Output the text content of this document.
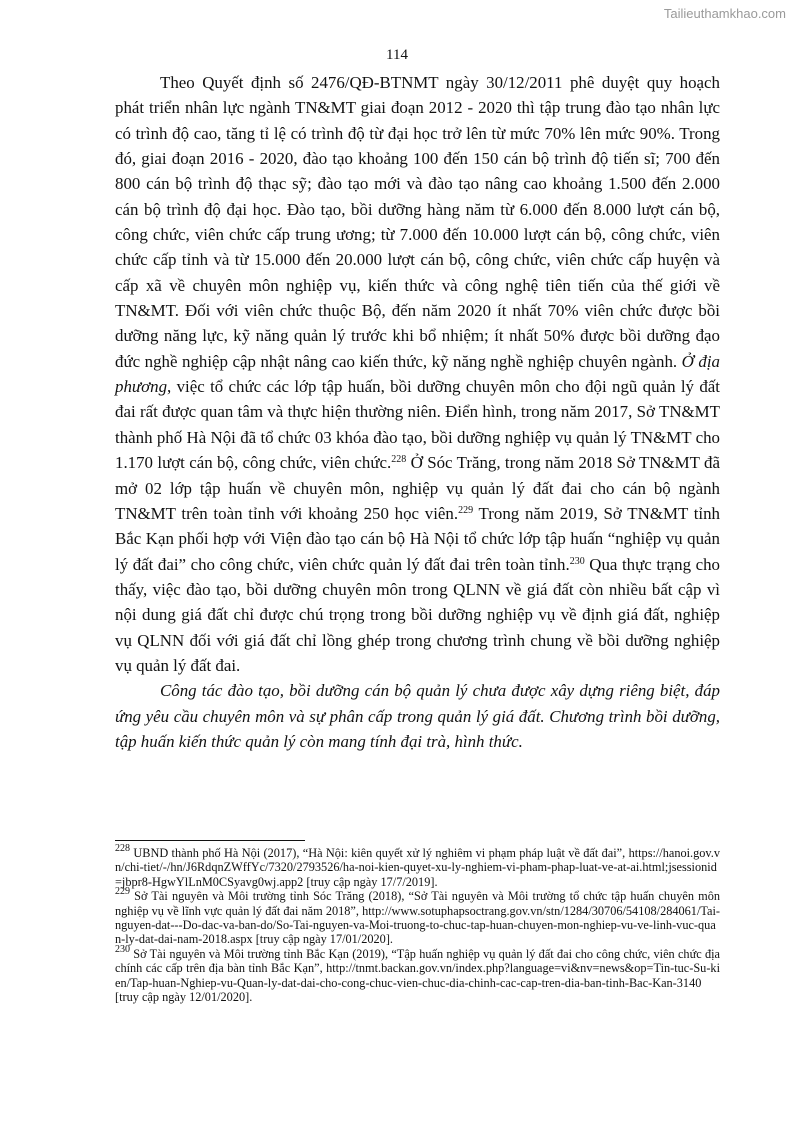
Tailieuthamkhao.com
114

Theo Quyết định số 2476/QĐ-BTNMT ngày 30/12/2011 phê duyệt quy hoạch phát triển nhân lực ngành TN&MT giai đoạn 2012 - 2020 thì tập trung đào tạo nhân lực có trình độ cao, tăng tỉ lệ có trình độ từ đại học trở lên từ mức 70% lên mức 90%. Trong đó, giai đoạn 2016 - 2020, đào tạo khoảng 100 đến 150 cán bộ trình độ tiến sĩ; 700 đến 800 cán bộ trình độ thạc sỹ; đào tạo mới và đào tạo nâng cao khoảng 1.500 đến 2.000 cán bộ trình độ đại học. Đào tạo, bồi dưỡng hàng năm từ 6.000 đến 8.000 lượt cán bộ, công chức, viên chức cấp trung ương; từ 7.000 đến 10.000 lượt cán bộ, công chức, viên chức cấp tỉnh và từ 15.000 đến 20.000 lượt cán bộ, công chức, viên chức cấp huyện và cấp xã về chuyên môn nghiệp vụ, kiến thức và công nghệ tiên tiến của thế giới về TN&MT. Đối với viên chức thuộc Bộ, đến năm 2020 ít nhất 70% viên chức được bồi dưỡng năng lực, kỹ năng quản lý trước khi bổ nhiệm; ít nhất 50% được bồi dưỡng đạo đức nghề nghiệp cập nhật nâng cao kiến thức, kỹ năng nghề nghiệp chuyên ngành. Ở địa phương, việc tổ chức các lớp tập huấn, bồi dưỡng chuyên môn cho đội ngũ quản lý đất đai rất được quan tâm và thực hiện thường niên. Điển hình, trong năm 2017, Sở TN&MT thành phố Hà Nội đã tổ chức 03 khóa đào tạo, bồi dưỡng nghiệp vụ quản lý TN&MT cho 1.170 lượt cán bộ, công chức, viên chức.$^{228}$ Ở Sóc Trăng, trong năm 2018 Sở TN&MT đã mở 02 lớp tập huấn về chuyên môn, nghiệp vụ quản lý đất đai cho cán bộ ngành TN&MT trên toàn tỉnh với khoảng 250 học viên.$^{229}$ Trong năm 2019, Sở TN&MT tỉnh Bắc Kạn phối hợp với Viện đào tạo cán bộ Hà Nội tổ chức lớp tập huấn “nghiệp vụ quản lý đất đai” cho công chức, viên chức quản lý đất đai trên toàn tỉnh.$^{230}$ Qua thực trạng cho thấy, việc đào tạo, bồi dưỡng chuyên môn trong QLNN về giá đất còn nhiều bất cập vì nội dung giá đất chỉ được chú trọng trong bồi dưỡng nghiệp vụ về định giá đất, nghiệp vụ QLNN đối với giá đất chỉ lồng ghép trong chương trình chung về bồi dưỡng nghiệp vụ quản lý đất đai.

Công tác đào tạo, bồi dưỡng cán bộ quản lý chưa được xây dựng riêng biệt, đáp ứng yêu cầu chuyên môn và sự phân cấp trong quản lý giá đất. Chương trình bồi dưỡng, tập huấn kiến thức quản lý còn mang tính đại trà, hình thức.

$^{228}$ UBND thành phố Hà Nội (2017), “Hà Nội: kiên quyết xử lý nghiêm vi phạm pháp luật về đất đai”, https://hanoi.gov.vn/chi-tiet/-/hn/J6RdqnZWffYc/7320/2793526/ha-noi-kien-quyet-xu-ly-nghiem-vi-pham-phap-luat-ve-at-ai.html;jsessionid=jbpr8-HgwYlLnM0CSyavg0wj.app2 [truy cập ngày 17/7/2019].

$^{229}$ Sở Tài nguyên và Môi trường tỉnh Sóc Trăng (2018), “Sở Tài nguyên và Môi trường tổ chức tập huấn chuyên môn nghiệp vụ về lĩnh vực quản lý đất đai năm 2018”, http://www.sotuphapsoctrang.gov.vn/stn/1284/30706/54108/284061/Tai-nguyen-dat---Do-dac-va-ban-do/So-Tai-nguyen-va-Moi-truong-to-chuc-tap-huan-chuyen-mon-nghiep-vu-ve-linh-vuc-quan-ly-dat-dai-nam-2018.aspx [truy cập ngày 17/01/2020].

$^{230}$ Sở Tài nguyên và Môi trường tỉnh Bắc Kạn (2019), “Tập huấn nghiệp vụ quản lý đất đai cho công chức, viên chức địa chính các cấp trên địa bàn tỉnh Bắc Kạn”, http://tnmt.backan.gov.vn/index.php?language=vi&nv=news&op=Tin-tuc-Su-kien/Tap-huan-Nghiep-vu-Quan-ly-dat-dai-cho-cong-chuc-vien-chuc-dia-chinh-cac-cap-tren-dia-ban-tinh-Bac-Kan-3140 [truy cập ngày 12/01/2020].
